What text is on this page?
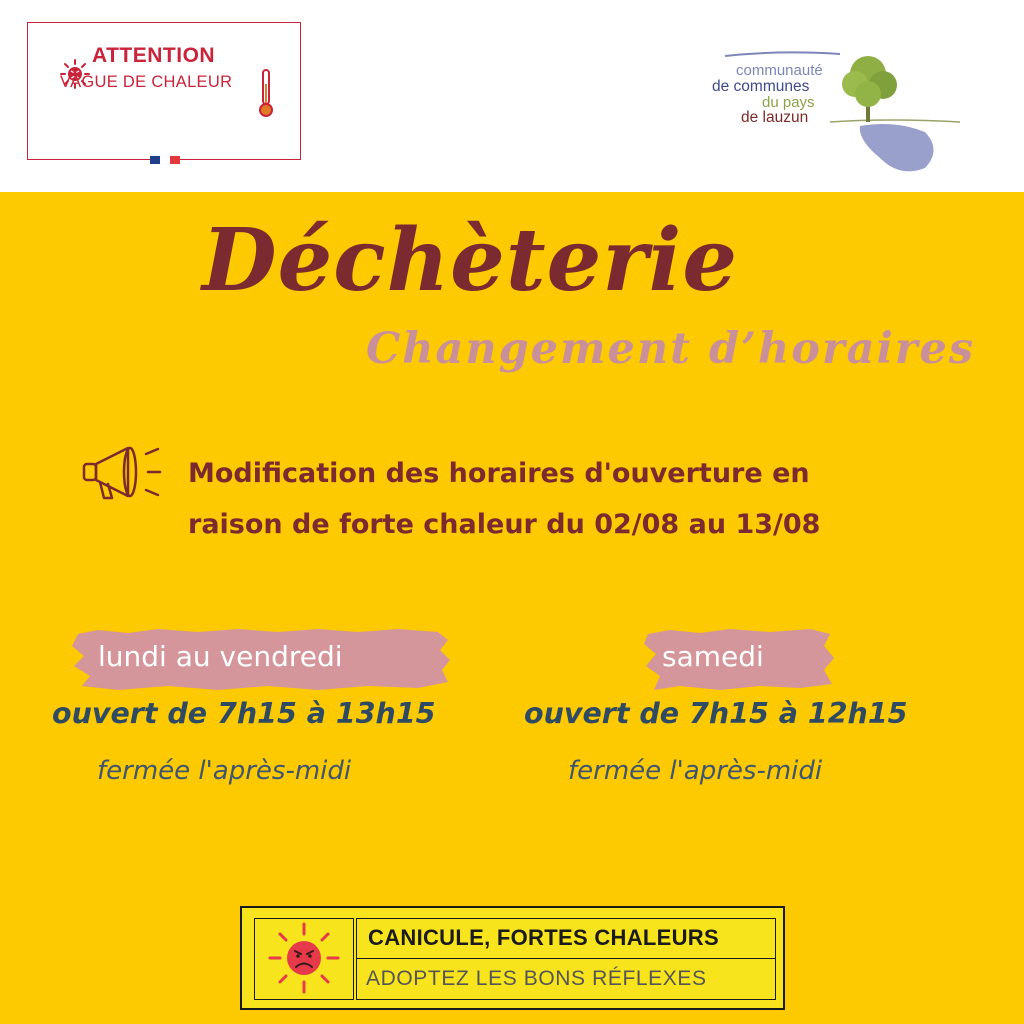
ATTENTION
VAGUE DE CHALEUR
communauté
de communes
du pays
de lauzun
Déchèterie
Changement d’horaires
Modification des horaires d'ouverture en
raison de forte chaleur du 02/08 au 13/08
lundi au vendredi
ouvert de 7h15 à 13h15
fermée l'après-midi
samedi
ouvert de 7h15 à 12h15
fermée l'après-midi
CANICULE, FORTES CHALEURS
ADOPTEZ LES BONS RÉFLEXES
